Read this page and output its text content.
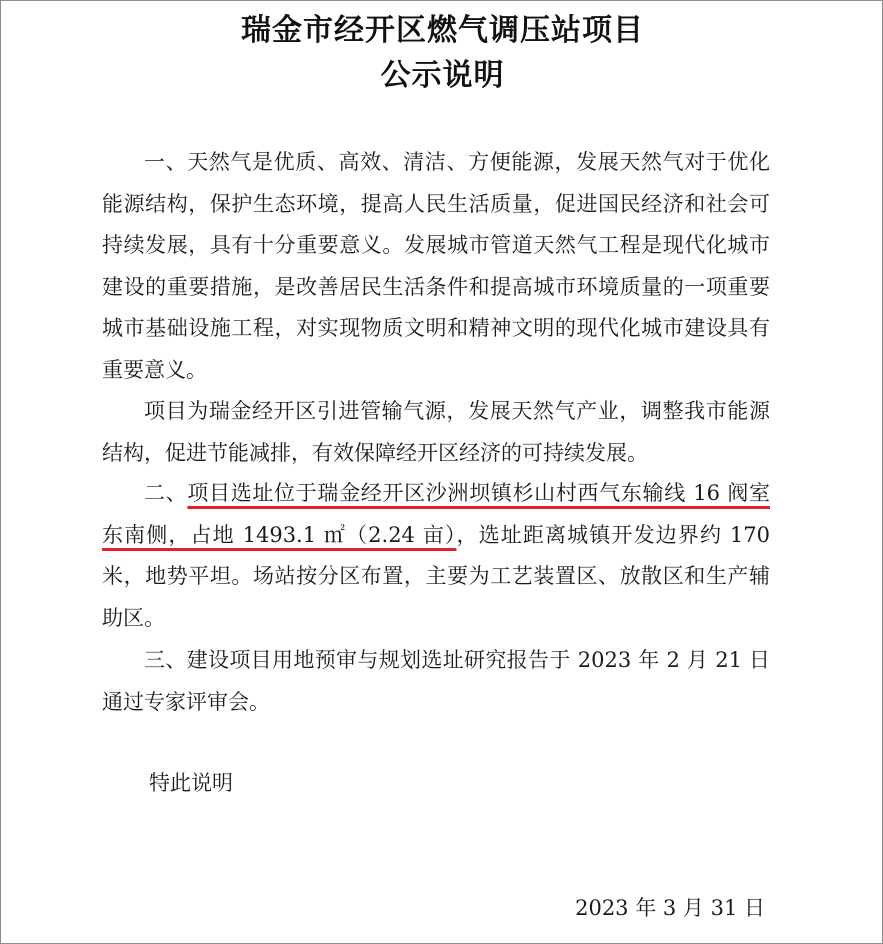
瑞金市经开区燃气调压站项目
公示说明

一、天然气是优质、高效、清洁、方便能源，发展天然气对于优化能源结构，保护生态环境，提高人民生活质量，促进国民经济和社会可持续发展，具有十分重要意义。发展城市管道天然气工程是现代化城市建设的重要措施，是改善居民生活条件和提高城市环境质量的一项重要城市基础设施工程，对实现物质文明和精神文明的现代化城市建设具有重要意义。

项目为瑞金经开区引进管输气源，发展天然气产业，调整我市能源结构，促进节能减排，有效保障经开区经济的可持续发展。

二、项目选址位于瑞金经开区沙洲坝镇杉山村西气东输线 16 阀室东南侧，占地 1493.1 ㎡（2.24 亩），选址距离城镇开发边界约 170 米，地势平坦。场站按分区布置，主要为工艺装置区、放散区和生产辅助区。

三、建设项目用地预审与规划选址研究报告于 2023 年 2 月 21 日通过专家评审会。

特此说明
2023 年 3 月 31 日
